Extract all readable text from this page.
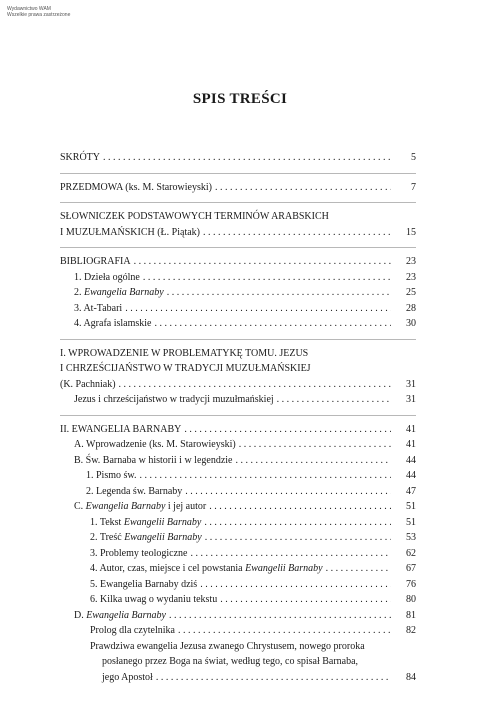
Wydawnictwo WAM
Wszelkie prawa zastrzeżone
SPIS TREŚCI
SKRÓTY . . .	5
PRZEDMOWA (ks. M. Starowieyski) . . .	7
SŁOWNICZEK PODSTAWOWYCH TERMINÓW ARABSKICH
I MUZUŁMAŃSKICH (Ł. Piątak) . . .	15
BIBLIOGRAFIA . . .	23
1. Dzieła ogólne . . .	23
2. Ewangelia Barnaby . . .	25
3. At-Tabari . . .	28
4. Agrafa islamskie . . .	30
I. WPROWADZENIE W PROBLEMATYKĘ TOMU. JEZUS
I CHRZEŚCIJAŃSTWO W TRADYCJI MUZUŁMAŃSKIEJ
(K. Pachniak) . . .	31
Jezus i chrześcijaństwo w tradycji muzułmańskiej . . .	31
II. EWANGELIA BARNABY . . .	41
A. Wprowadzenie (ks. M. Starowieyski) . . .	41
B. Św. Barnaba w historii i w legendzie . . .	44
1. Pismo św. . . .	44
2. Legenda św. Barnaby . . .	47
C. Ewangelia Barnaby i jej autor . . .	51
1. Tekst Ewangelii Barnaby . . .	51
2. Treść Ewangelii Barnaby . . .	53
3. Problemy teologiczne . . .	62
4. Autor, czas, miejsce i cel powstania Ewangelii Barnaby . . .	67
5. Ewangelia Barnaby dziś . . .	76
6. Kilka uwag o wydaniu tekstu . . .	80
D. Ewangelia Barnaby . . .	81
Prolog dla czytelnika . . .	82
Prawdziwa ewangelia Jezusa zwanego Chrystusem, nowego proroka
posłanego przez Boga na świat, według tego, co spisał Barnaba,
jego Apostoł . . .	84
